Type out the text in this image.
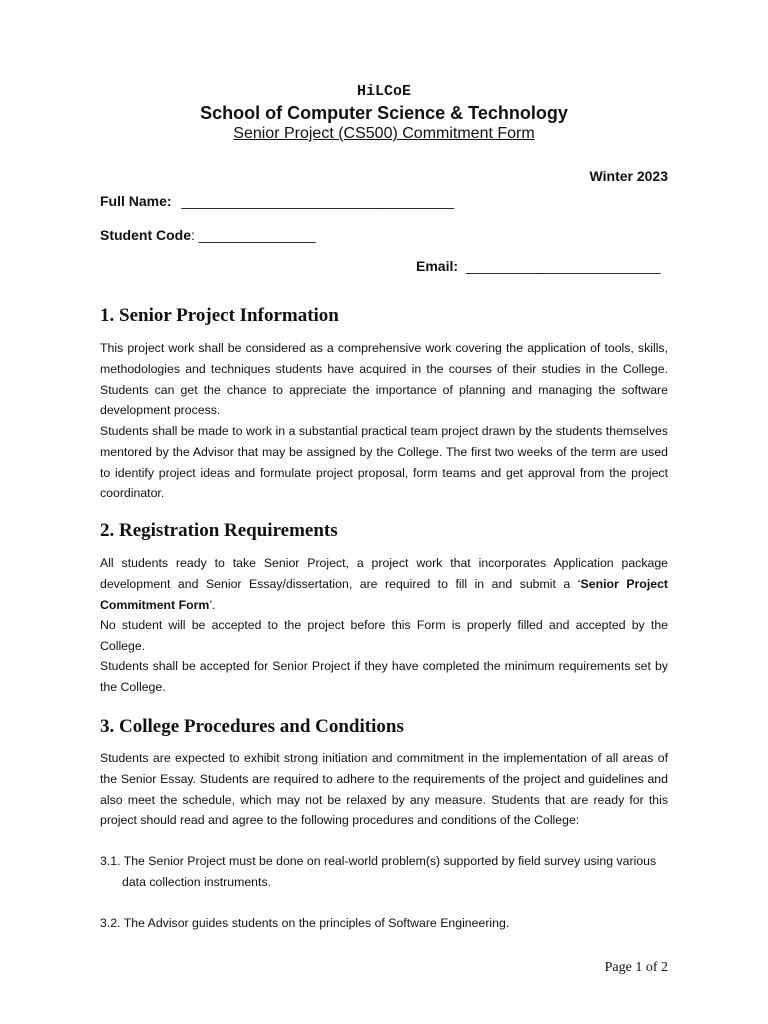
HiLCoE
School of Computer Science & Technology
Senior Project (CS500) Commitment Form
Winter 2023
Full Name: ___________________________________
Student Code: _______________
Email: _________________________
1. Senior Project Information

This project work shall be considered as a comprehensive work covering the application of tools, skills, methodologies and techniques students have acquired in the courses of their studies in the College. Students can get the chance to appreciate the importance of planning and managing the software development process.

Students shall be made to work in a substantial practical team project drawn by the students themselves mentored by the Advisor that may be assigned by the College. The first two weeks of the term are used to identify project ideas and formulate project proposal, form teams and get approval from the project coordinator.

2. Registration Requirements

All students ready to take Senior Project, a project work that incorporates Application package development and Senior Essay/dissertation, are required to fill in and submit a ‘Senior Project Commitment Form’.

No student will be accepted to the project before this Form is properly filled and accepted by the College.

Students shall be accepted for Senior Project if they have completed the minimum requirements set by the College.

3. College Procedures and Conditions

Students are expected to exhibit strong initiation and commitment in the implementation of all areas of the Senior Essay. Students are required to adhere to the requirements of the project and guidelines and also meet the schedule, which may not be relaxed by any measure. Students that are ready for this project should read and agree to the following procedures and conditions of the College:

3.1. The Senior Project must be done on real-world problem(s) supported by field survey using various
data collection instruments.
3.2. The Advisor guides students on the principles of Software Engineering.
Page 1 of 2
